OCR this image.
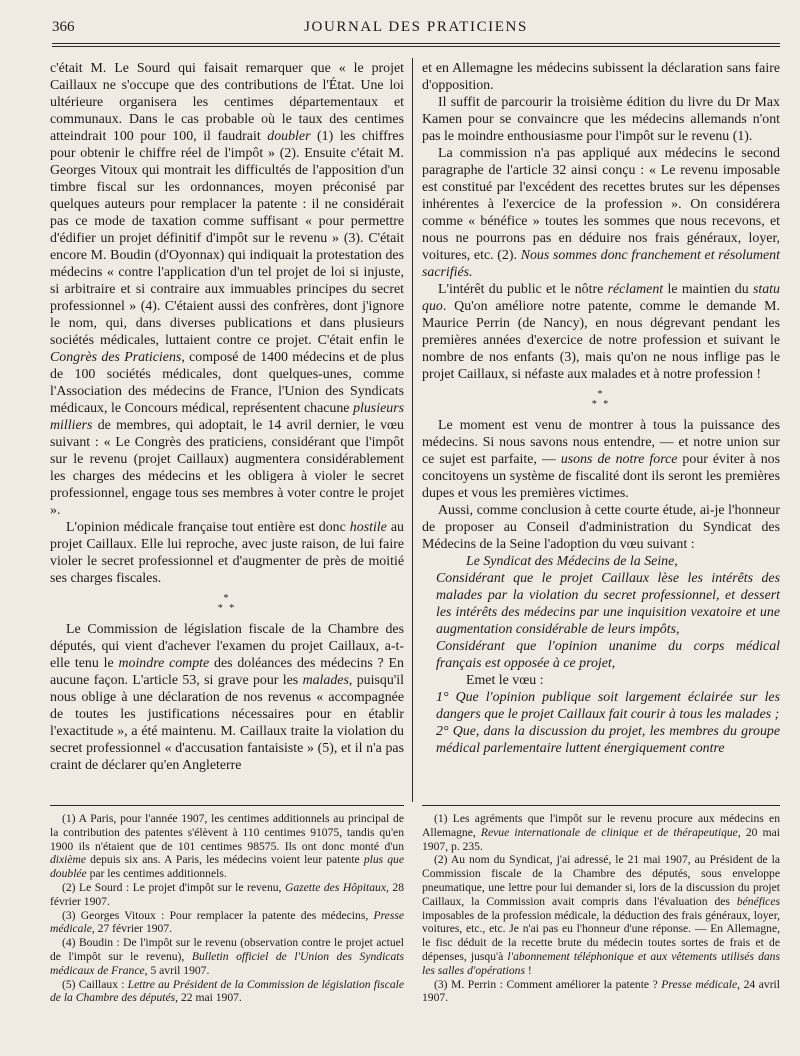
366	JOURNAL DES PRATICIENS

c'était M. Le Sourd qui faisait remarquer que « le projet Caillaux ne s'occupe que des contributions de l'État. Une loi ultérieure organisera les centimes départementaux et communaux. Dans le cas probable où le taux des centimes atteindrait 100 pour 100, il faudrait doubler (1) les chiffres pour obtenir le chiffre réel de l'impôt » (2). Ensuite c'était M. Georges Vitoux qui montrait les difficultés de l'apposition d'un timbre fiscal sur les ordonnances, moyen préconisé par quelques auteurs pour remplacer la patente : il ne considérait pas ce mode de taxation comme suffisant « pour permettre d'édifier un projet définitif d'impôt sur le revenu » (3). C'était encore M. Boudin (d'Oyonnax) qui indiquait la protestation des médecins « contre l'application d'un tel projet de loi si injuste, si arbitraire et si contraire aux immuables principes du secret professionnel » (4). C'étaient aussi des confrères, dont j'ignore le nom, qui, dans diverses publications et dans plusieurs sociétés médicales, luttaient contre ce projet. C'était enfin le Congrès des Praticiens, composé de 1400 médecins et de plus de 100 sociétés médicales, dont quelques-unes, comme l'Association des médecins de France, l'Union des Syndicats médicaux, le Concours médical, représentent chacune plusieurs milliers de membres, qui adoptait, le 14 avril dernier, le vœu suivant : « Le Congrès des praticiens, considérant que l'impôt sur le revenu (projet Caillaux) augmentera considérablement les charges des médecins et les obligera à violer le secret professionnel, engage tous ses membres à voter contre le projet ».

L'opinion médicale française tout entière est donc hostile au projet Caillaux. Elle lui reproche, avec juste raison, de lui faire violer le secret professionnel et d'augmenter de près de moitié ses charges fiscales.

*
* *

Le Commission de législation fiscale de la Chambre des députés, qui vient d'achever l'examen du projet Caillaux, a-t-elle tenu le moindre compte des doléances des médecins ? En aucune façon. L'article 53, si grave pour les malades, puisqu'il nous oblige à une déclaration de nos revenus « accompagnée de toutes les justifications nécessaires pour en établir l'exactitude », a été maintenu. M. Caillaux traite la violation du secret professionnel « d'accusation fantaisiste » (5), et il n'a pas craint de déclarer qu'en Angleterre

et en Allemagne les médecins subissent la déclaration sans faire d'opposition.

Il suffit de parcourir la troisième édition du livre du Dr Max Kamen pour se convaincre que les médecins allemands n'ont pas le moindre enthousiasme pour l'impôt sur le revenu (1).

La commission n'a pas appliqué aux médecins le second paragraphe de l'article 32 ainsi conçu : « Le revenu imposable est constitué par l'excédent des recettes brutes sur les dépenses inhérentes à l'exercice de la profession ». On considérera comme « bénéfice » toutes les sommes que nous recevons, et nous ne pourrons pas en déduire nos frais généraux, loyer, voitures, etc. (2). Nous sommes donc franchement et résolument sacrifiés.

L'intérêt du public et le nôtre réclament le maintien du statu quo. Qu'on améliore notre patente, comme le demande M. Maurice Perrin (de Nancy), en nous dégrevant pendant les premières années d'exercice de notre profession et suivant le nombre de nos enfants (3), mais qu'on ne nous inflige pas le projet Caillaux, si néfaste aux malades et à notre profession !

*
* *

Le moment est venu de montrer à tous la puissance des médecins. Si nous savons nous entendre, — et notre union sur ce sujet est parfaite, — usons de notre force pour éviter à nos concitoyens un système de fiscalité dont ils seront les premières dupes et vous les premières victimes.

Aussi, comme conclusion à cette courte étude, ai-je l'honneur de proposer au Conseil d'administration du Syndicat des Médecins de la Seine l'adoption du vœu suivant :

Le Syndicat des Médecins de la Seine,

Considérant que le projet Caillaux lèse les intérêts des malades par la violation du secret professionnel, et dessert les intérêts des médecins par une inquisition vexatoire et une augmentation considérable de leurs impôts,

Considérant que l'opinion unanime du corps médical français est opposée à ce projet,

Emet le vœu :

1° Que l'opinion publique soit largement éclairée sur les dangers que le projet Caillaux fait courir à tous les malades ;

2° Que, dans la discussion du projet, les membres du groupe médical parlementaire luttent énergiquement contre

(1) A Paris, pour l'année 1907, les centimes additionnels au principal de la contribution des patentes s'élèvent à 110 centimes 91075, tandis qu'en 1900 ils n'étaient que de 101 centimes 98575. Ils ont donc monté d'un dixième depuis six ans. A Paris, les médecins voient leur patente plus que doublée par les centimes additionnels.

(2) Le Sourd : Le projet d'impôt sur le revenu, Gazette des Hôpitaux, 28 février 1907.

(3) Georges Vitoux : Pour remplacer la patente des médecins, Presse médicale, 27 février 1907.

(4) Boudin : De l'impôt sur le revenu (observation contre le projet actuel de l'impôt sur le revenu), Bulletin officiel de l'Union des Syndicats médicaux de France, 5 avril 1907.

(5) Caillaux : Lettre au Président de la Commission de législation fiscale de la Chambre des députés, 22 mai 1907.

(1) Les agréments que l'impôt sur le revenu procure aux médecins en Allemagne, Revue internationale de clinique et de thérapeutique, 20 mai 1907, p. 235.

(2) Au nom du Syndicat, j'ai adressé, le 21 mai 1907, au Président de la Commission fiscale de la Chambre des députés, sous enveloppe pneumatique, une lettre pour lui demander si, lors de la discussion du projet Caillaux, la Commission avait compris dans l'évaluation des bénéfices imposables de la profession médicale, la déduction des frais généraux, loyer, voitures, etc., etc. Je n'ai pas eu l'honneur d'une réponse. — En Allemagne, le fisc déduit de la recette brute du médecin toutes sortes de frais et de dépenses, jusqu'à l'abonnement téléphonique et aux vêtements utilisés dans les salles d'opérations !

(3) M. Perrin : Comment améliorer la patente ? Presse médicale, 24 avril 1907.
